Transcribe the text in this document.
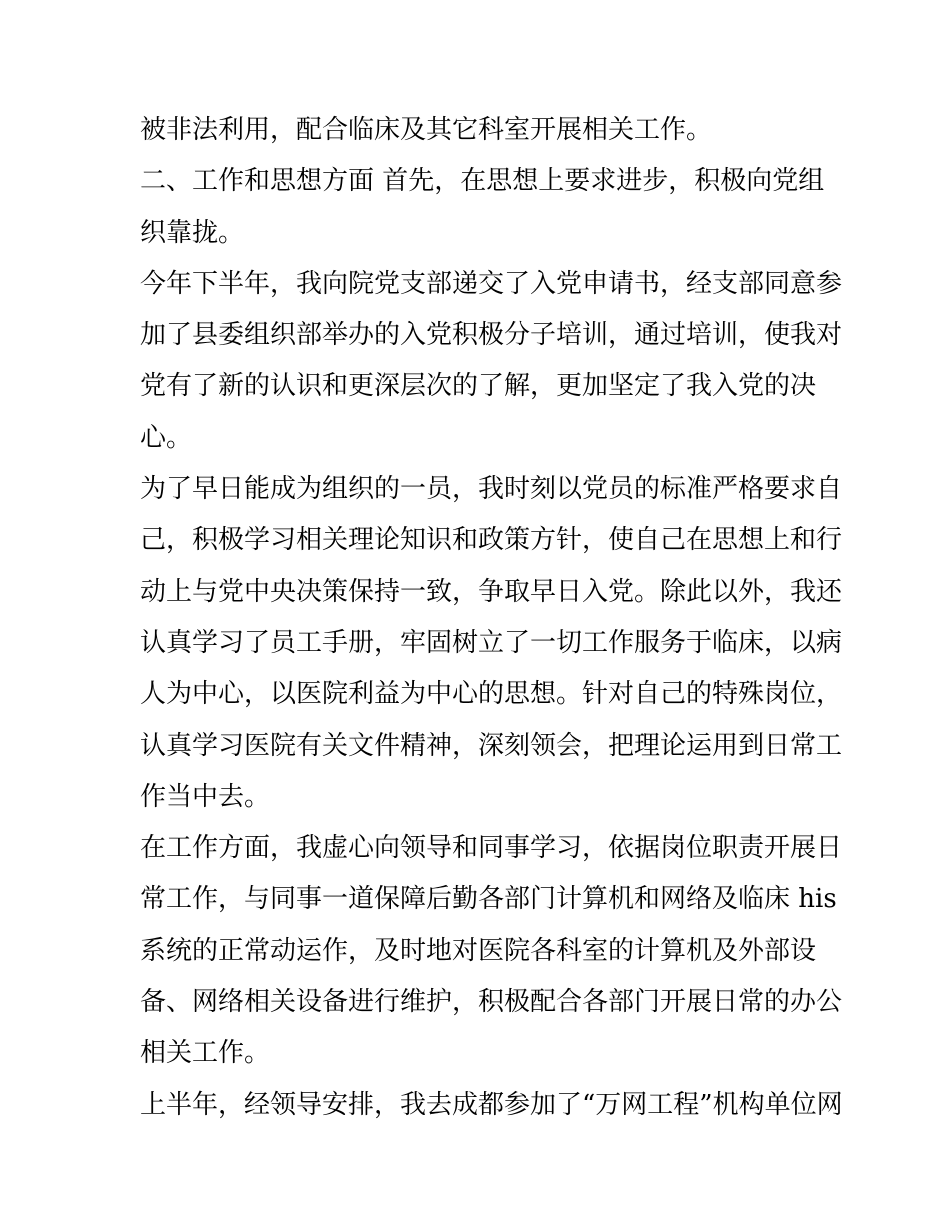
被非法利用，配合临床及其它科室开展相关工作。
二、工作和思想方面 首先，在思想上要求进步，积极向党组
织靠拢。
今年下半年，我向院党支部递交了入党申请书，经支部同意参
加了县委组织部举办的入党积极分子培训，通过培训，使我对
党有了新的认识和更深层次的了解，更加坚定了我入党的决
心。
为了早日能成为组织的一员，我时刻以党员的标准严格要求自
己，积极学习相关理论知识和政策方针，使自己在思想上和行
动上与党中央决策保持一致，争取早日入党。除此以外，我还
认真学习了员工手册，牢固树立了一切工作服务于临床，以病
人为中心，以医院利益为中心的思想。针对自己的特殊岗位，
认真学习医院有关文件精神，深刻领会，把理论运用到日常工
作当中去。
在工作方面，我虚心向领导和同事学习，依据岗位职责开展日
常工作，与同事一道保障后勤各部门计算机和网络及临床 his
系统的正常动运作，及时地对医院各科室的计算机及外部设
备、网络相关设备进行维护，积极配合各部门开展日常的办公
相关工作。
上半年，经领导安排，我去成都参加了“万网工程”机构单位网
